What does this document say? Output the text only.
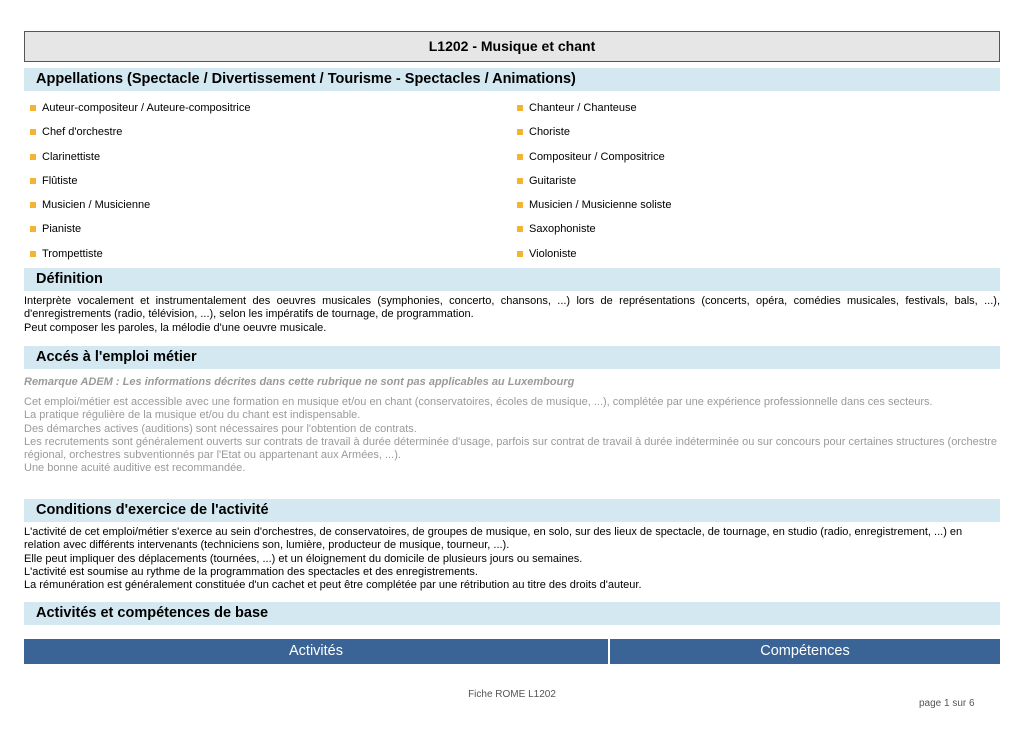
L1202 - Musique et chant
Appellations (Spectacle / Divertissement / Tourisme - Spectacles / Animations)
Auteur-compositeur / Auteure-compositrice
Chef d'orchestre
Clarinettiste
Flûtiste
Musicien / Musicienne
Pianiste
Trompettiste
Chanteur / Chanteuse
Choriste
Compositeur / Compositrice
Guitariste
Musicien / Musicienne soliste
Saxophoniste
Violoniste
Définition

Interprète vocalement et instrumentalement des oeuvres musicales (symphonies, concerto, chansons, ...) lors de représentations (concerts, opéra, comédies musicales, festivals, bals, ...), d'enregistrements (radio, télévision, ...), selon les impératifs de tournage, de programmation.

Peut composer les paroles, la mélodie d'une oeuvre musicale.

Accés à l'emploi métier

Remarque ADEM : Les informations décrites dans cette rubrique ne sont pas applicables au Luxembourg

Cet emploi/métier est accessible avec une formation en musique et/ou en chant (conservatoires, écoles de musique, ...), complétée par une expérience professionnelle dans ces secteurs.

La pratique régulière de la musique et/ou du chant est indispensable.

Des démarches actives (auditions) sont nécessaires pour l'obtention de contrats.

Les recrutements sont généralement ouverts sur contrats de travail à durée déterminée d'usage, parfois sur contrat de travail à durée indéterminée ou sur concours pour certaines structures (orchestre régional, orchestres subventionnés par l'Etat ou appartenant aux Armées, ...).

Une bonne acuité auditive est recommandée.

Conditions d'exercice de l'activité

L'activité de cet emploi/métier s'exerce au sein d'orchestres, de conservatoires, de groupes de musique, en solo, sur des lieux de spectacle, de tournage, en studio (radio, enregistrement, ...) en relation avec différents intervenants (techniciens son, lumière, producteur de musique, tourneur, ...).

Elle peut impliquer des déplacements (tournées, ...) et un éloignement du domicile de plusieurs jours ou semaines.

L'activité est soumise au rythme de la programmation des spectacles et des enregistrements.

La rémunération est généralement constituée d'un cachet et peut être complétée par une rétribution au titre des droits d'auteur.

Activités et compétences de base
Activités	Compétences
Fiche ROME L1202
page 1 sur 6
